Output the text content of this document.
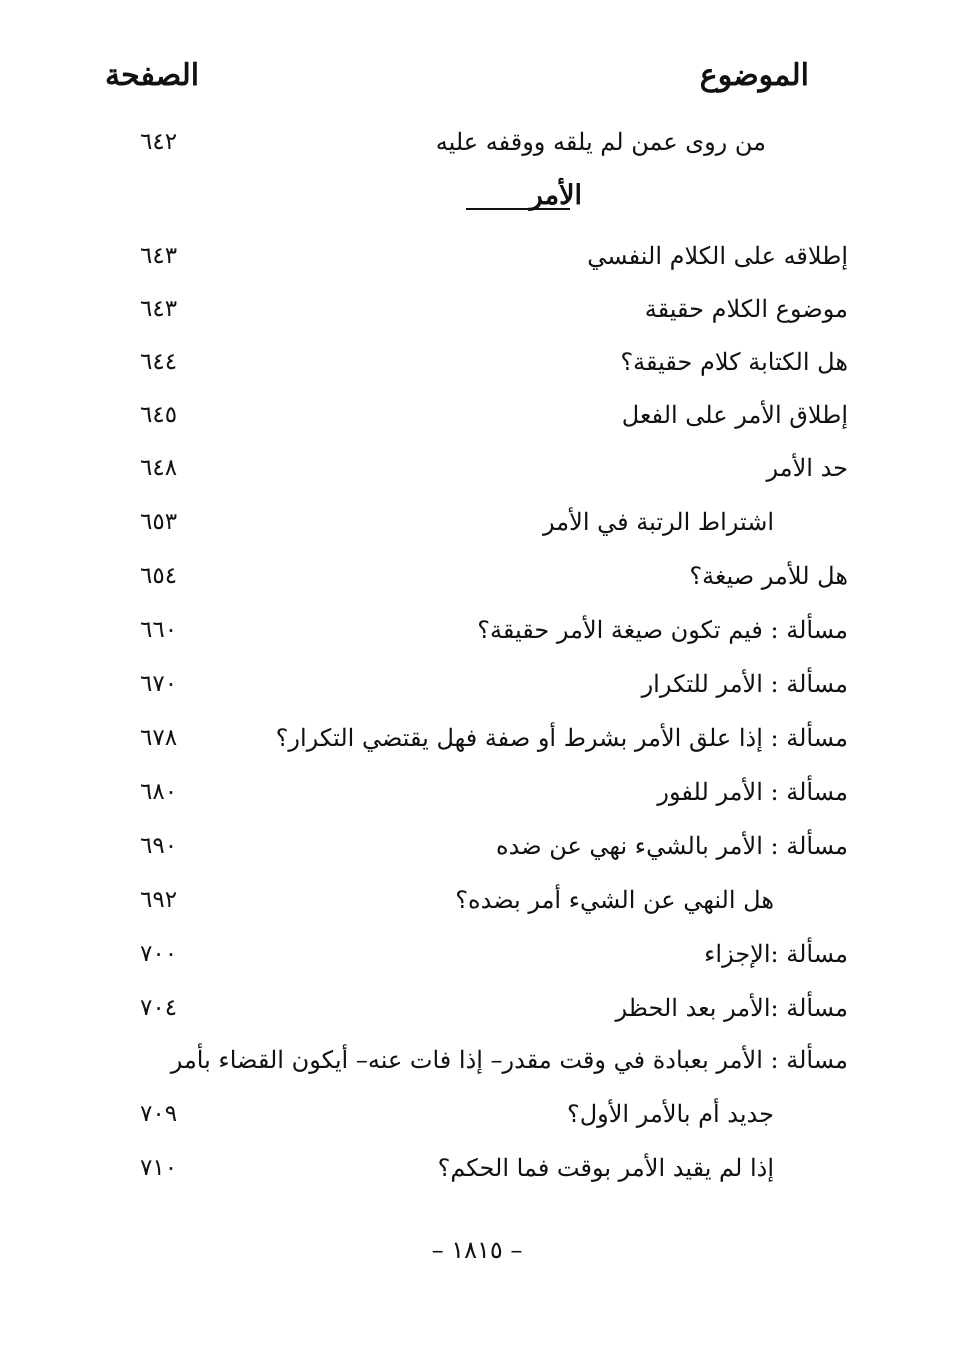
الموضوع
الصفحة
من روى عمن لم يلقه ووقفه عليه
٦٤٢
الأمر
إطلاقه على الكلام النفسي
٦٤٣
موضوع الكلام حقيقة
٦٤٣
هل الكتابة كلام حقيقة؟
٦٤٤
إطلاق الأمر على الفعل
٦٤٥
حد الأمر
٦٤٨
اشتراط الرتبة في الأمر
٦٥٣
هل للأمر صيغة؟
٦٥٤
مسألة : فيم تكون صيغة الأمر حقيقة؟
٦٦٠
مسألة : الأمر للتكرار
٦٧٠
مسألة : إذا علق الأمر بشرط أو صفة فهل يقتضي التكرار؟
٦٧٨
مسألة : الأمر للفور
٦٨٠
مسألة : الأمر بالشيء نهي عن ضده
٦٩٠
هل النهي عن الشيء أمر بضده؟
٦٩٢
مسألة :الإجزاء
٧٠٠
مسألة :الأمر بعد الحظر
٧٠٤
مسألة : الأمر بعبادة في وقت مقدر– إذا فات عنه– أيكون القضاء بأمر
جديد أم بالأمر الأول؟
٧٠٩
إذا لم يقيد الأمر بوقت فما الحكم؟
٧١٠
– ١٨١٥ –
